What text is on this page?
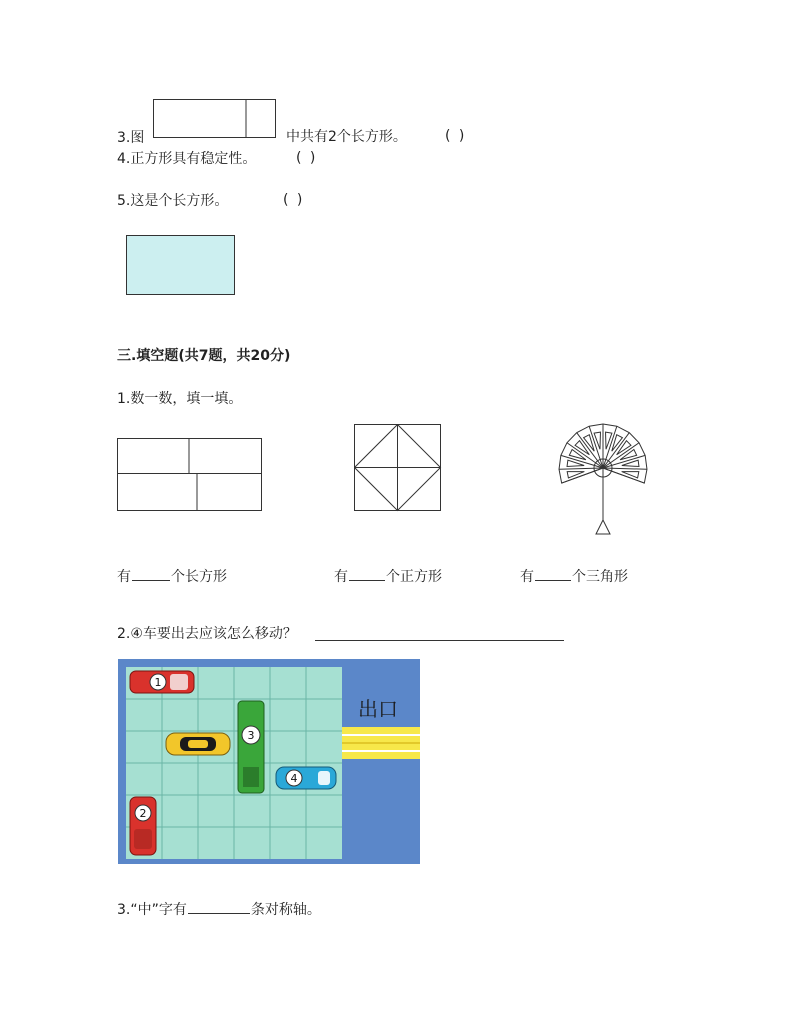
3.图	中共有2个长方形。	( )
4.正方形具有稳定性。	( )
5.这是个长方形。	( )
三.填空题(共7题，共20分)
1.数一数，填一填。
有	个长方形	有	个正方形	有	个三角形
2.④车要出去应该怎么移动？
出口
1
3
4
2
3.“中”字有	条对称轴。
